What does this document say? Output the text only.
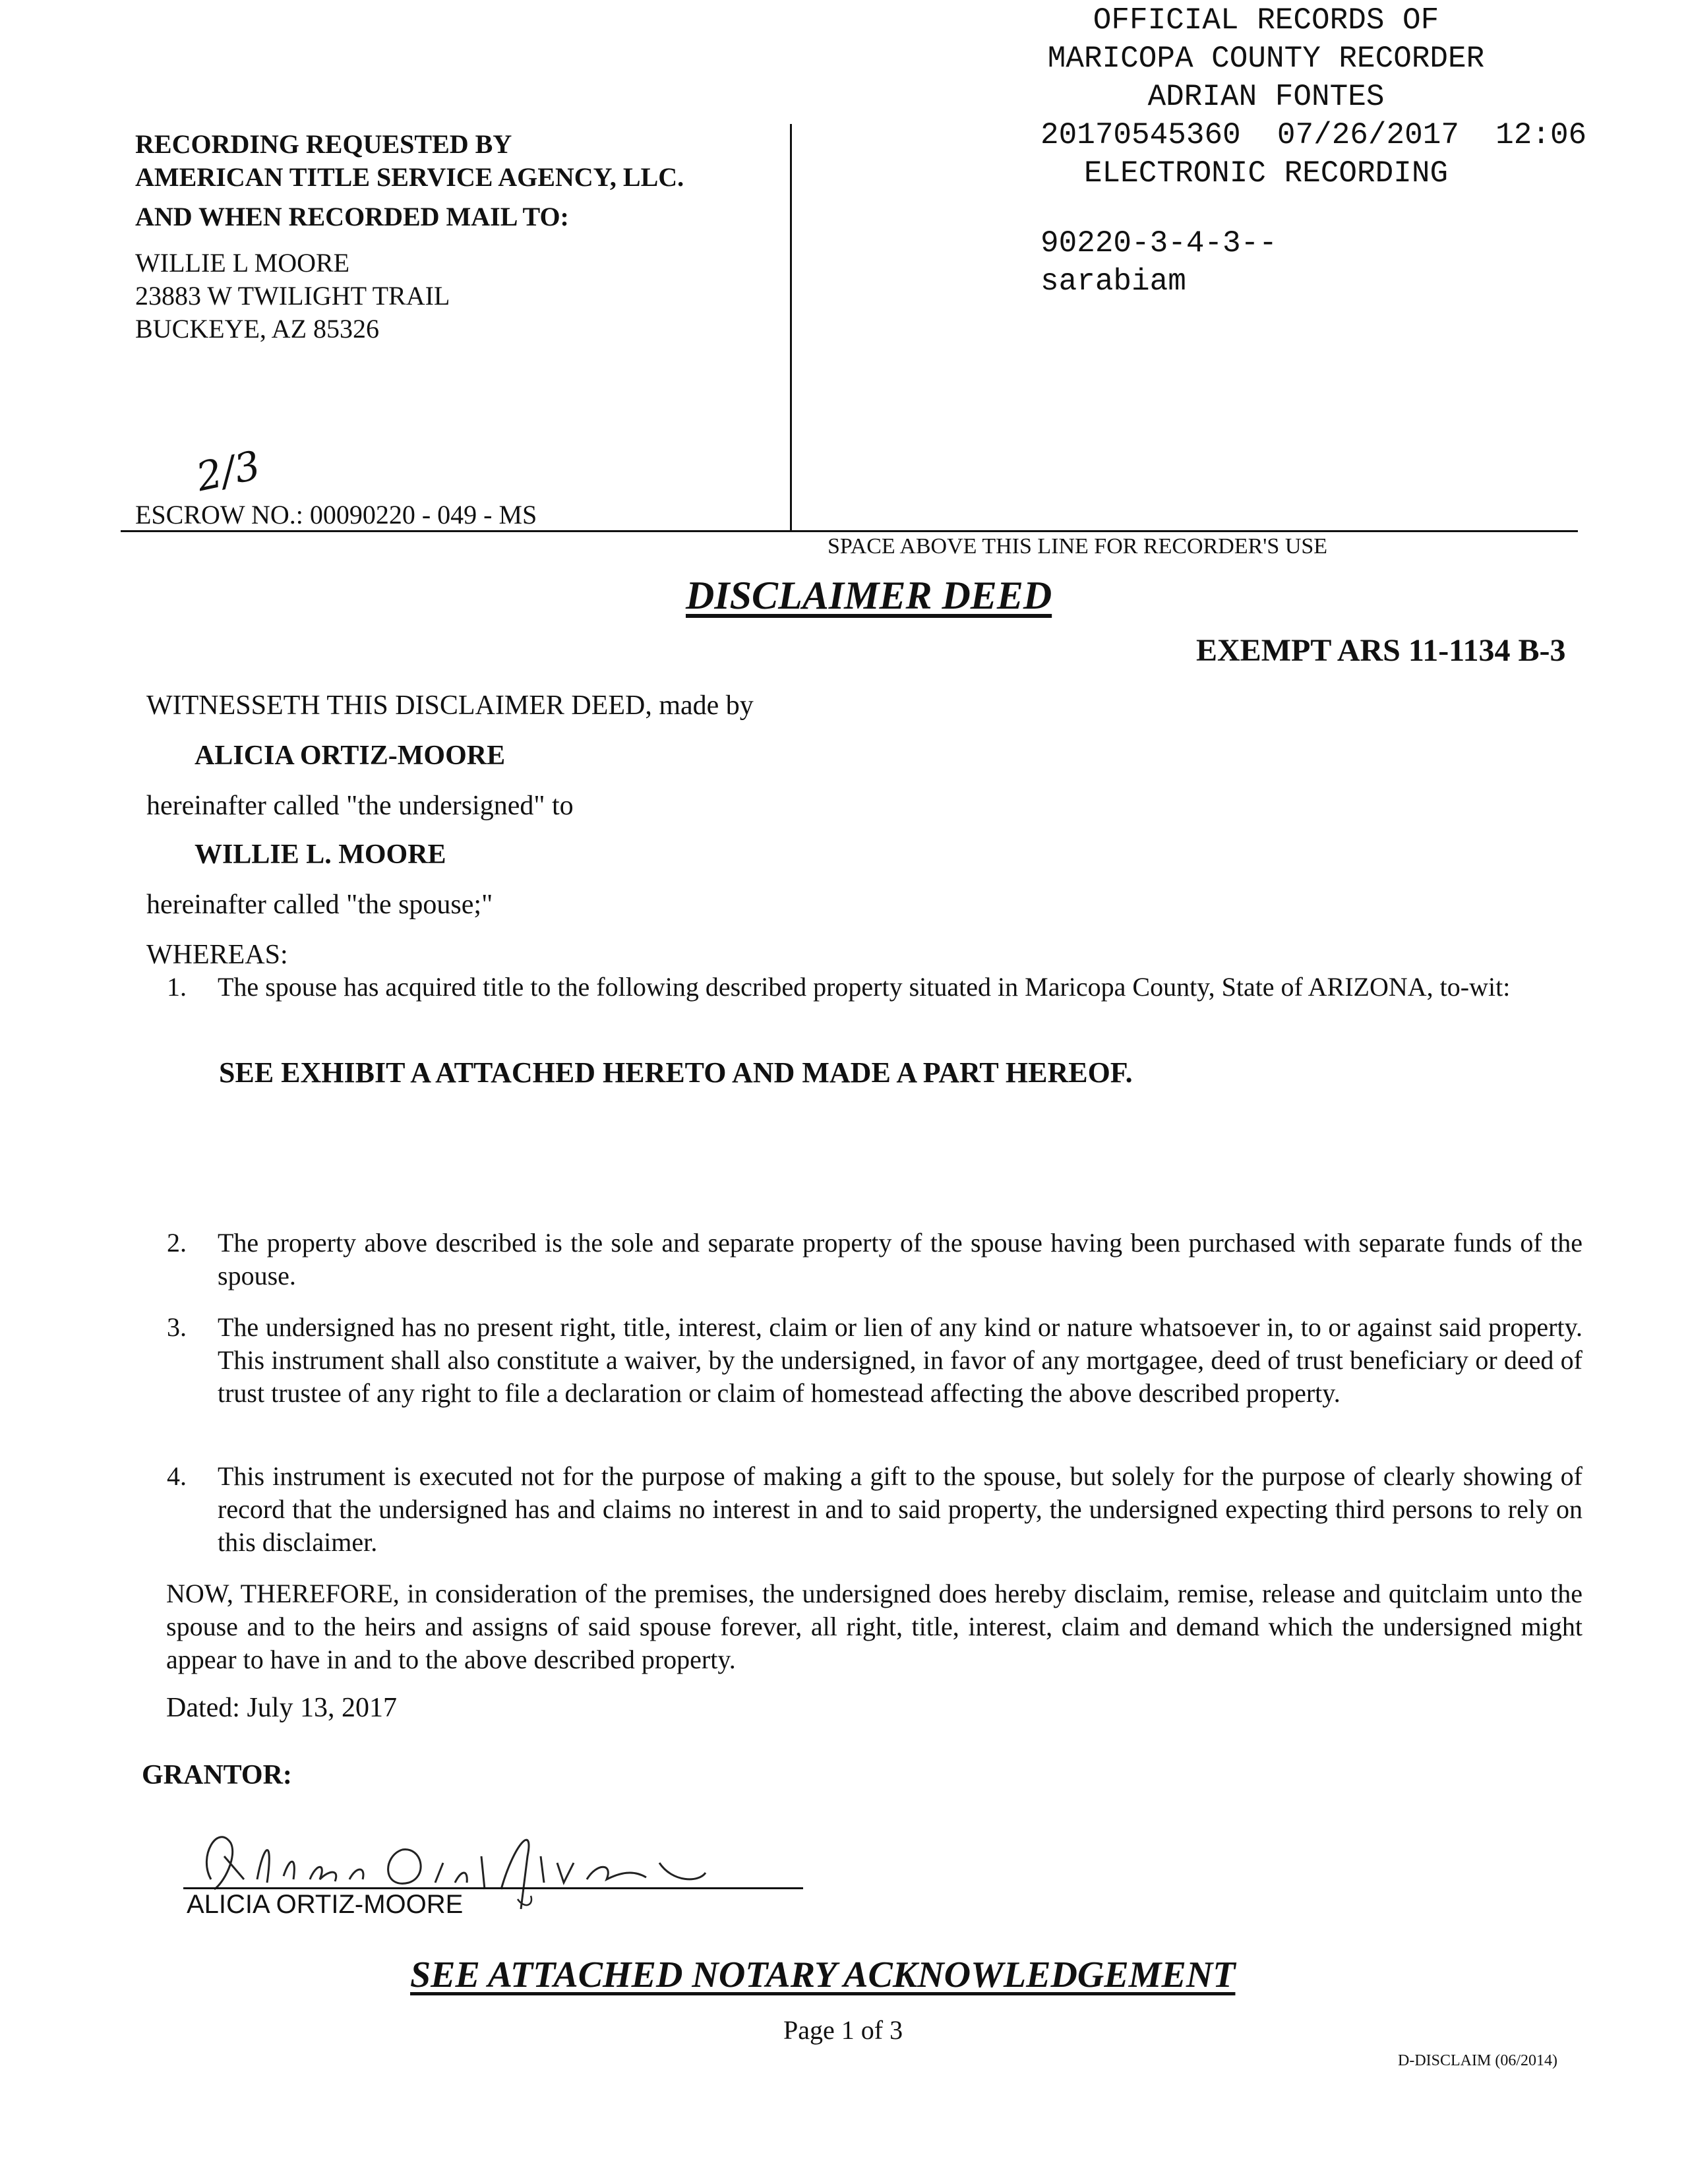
OFFICIAL RECORDS OF
MARICOPA COUNTY RECORDER
ADRIAN FONTES
20170545360 07/26/2017 12:06
ELECTRONIC RECORDING
90220-3-4-3--
sarabiam
RECORDING REQUESTED BY
AMERICAN TITLE SERVICE AGENCY, LLC.
AND WHEN RECORDED MAIL TO:
WILLIE L MOORE
23883 W TWILIGHT TRAIL
BUCKEYE, AZ 85326
2/3
ESCROW NO.: 00090220 - 049 - MS
SPACE ABOVE THIS LINE FOR RECORDER'S USE
DISCLAIMER DEED
EXEMPT ARS 11-1134 B-3
WITNESSETH THIS DISCLAIMER DEED, made by
ALICIA ORTIZ-MOORE
hereinafter called "the undersigned" to
WILLIE L. MOORE
hereinafter called "the spouse;"
WHEREAS:
1. The spouse has acquired title to the following described property situated in Maricopa County, State of ARIZONA, to-wit:
SEE EXHIBIT A ATTACHED HERETO AND MADE A PART HEREOF.
2. The property above described is the sole and separate property of the spouse having been purchased with separate funds of the spouse.
3. The undersigned has no present right, title, interest, claim or lien of any kind or nature whatsoever in, to or against said property. This instrument shall also constitute a waiver, by the undersigned, in favor of any mortgagee, deed of trust beneficiary or deed of trust trustee of any right to file a declaration or claim of homestead affecting the above described property.
4. This instrument is executed not for the purpose of making a gift to the spouse, but solely for the purpose of clearly showing of record that the undersigned has and claims no interest in and to said property, the undersigned expecting third persons to rely on this disclaimer.
NOW, THEREFORE, in consideration of the premises, the undersigned does hereby disclaim, remise, release and quitclaim unto the spouse and to the heirs and assigns of said spouse forever, all right, title, interest, claim and demand which the undersigned might appear to have in and to the above described property.
Dated: July 13, 2017
GRANTOR:
ALICIA ORTIZ-MOORE
SEE ATTACHED NOTARY ACKNOWLEDGEMENT
Page 1 of 3
D-DISCLAIM (06/2014)
